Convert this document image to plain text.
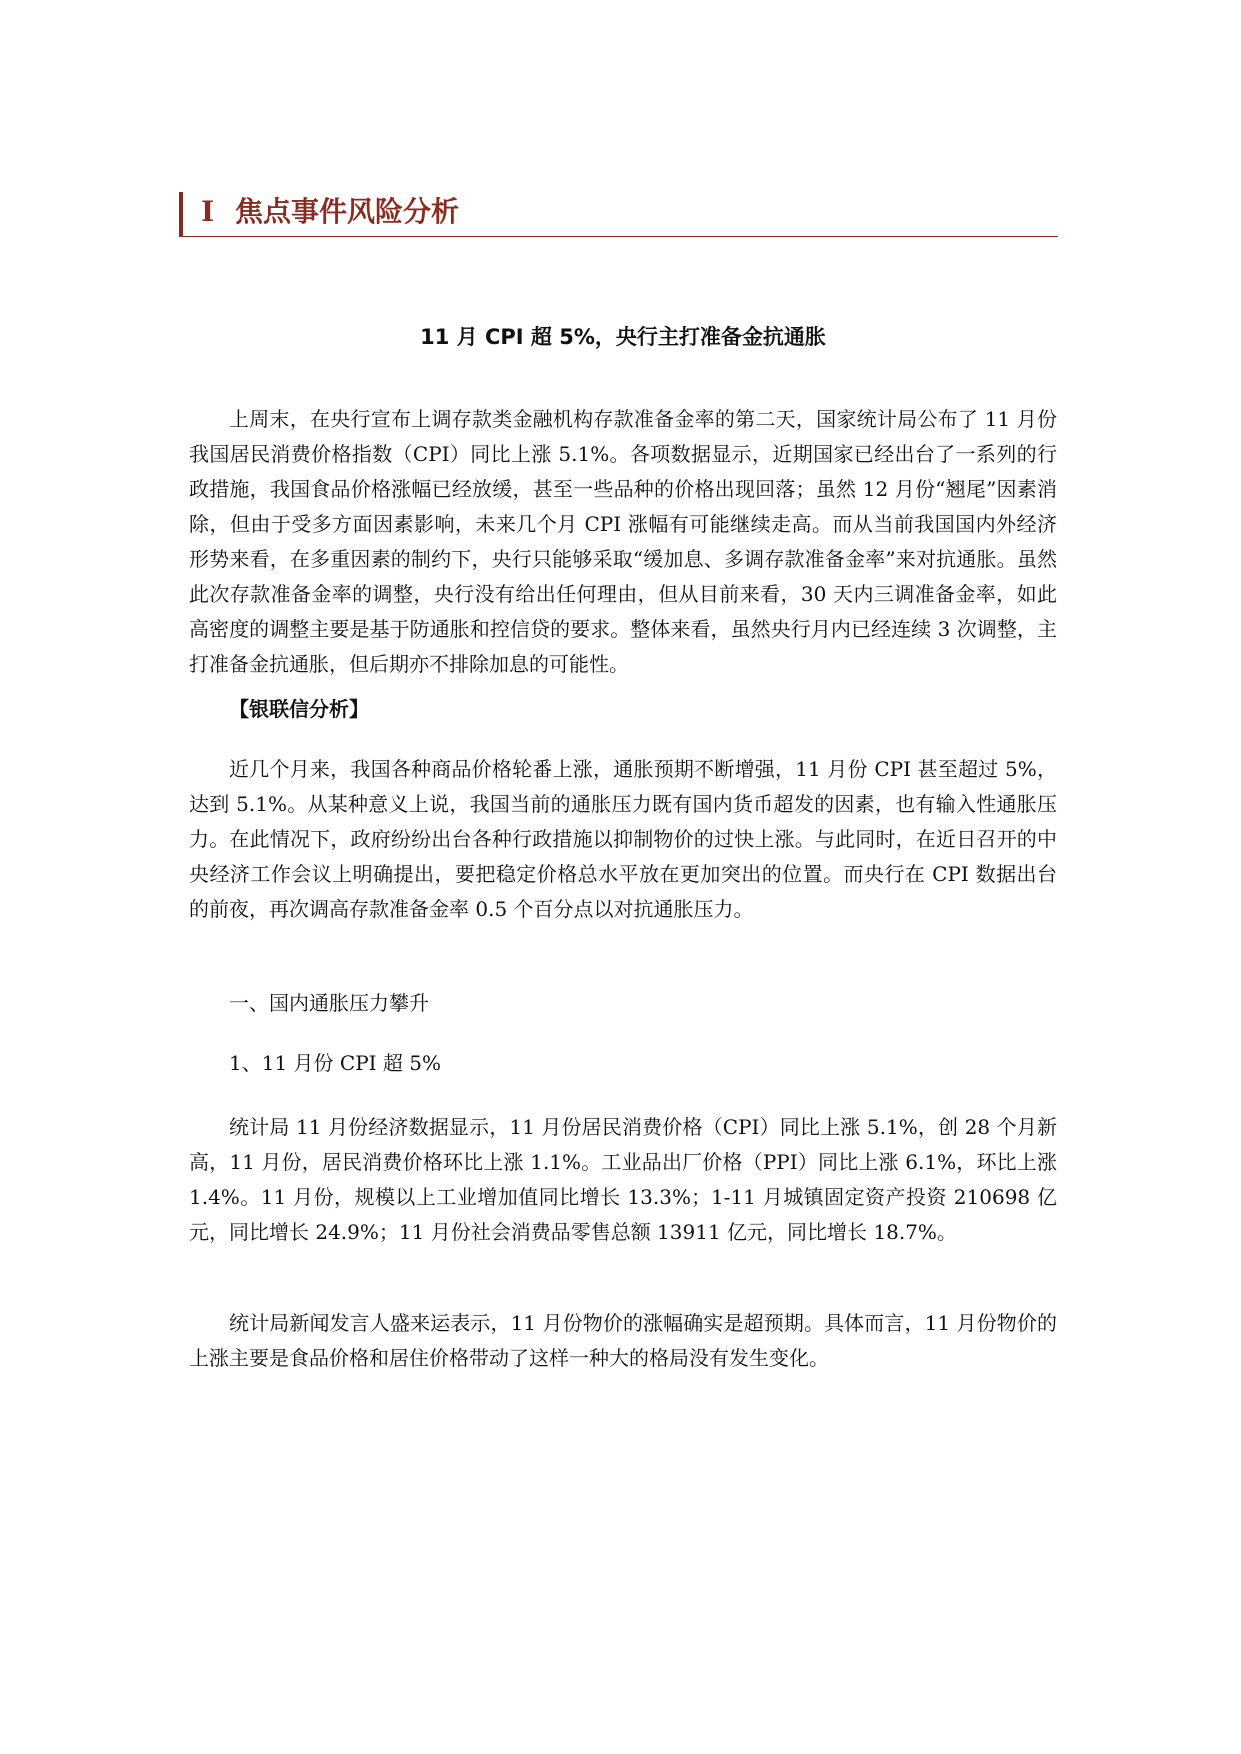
I 焦点事件风险分析
11 月 CPI 超 5%，央行主打准备金抗通胀

上周末，在央行宣布上调存款类金融机构存款准备金率的第二天，国家统计局公布了 11 月份我国居民消费价格指数（CPI）同比上涨 5.1%。各项数据显示，近期国家已经出台了一系列的行政措施，我国食品价格涨幅已经放缓，甚至一些品种的价格出现回落；虽然 12 月份“翘尾”因素消除，但由于受多方面因素影响，未来几个月 CPI 涨幅有可能继续走高。而从当前我国国内外经济形势来看，在多重因素的制约下，央行只能够采取“缓加息、多调存款准备金率”来对抗通胀。虽然此次存款准备金率的调整，央行没有给出任何理由，但从目前来看，30 天内三调准备金率，如此高密度的调整主要是基于防通胀和控信贷的要求。整体来看，虽然央行月内已经连续 3 次调整，主打准备金抗通胀，但后期亦不排除加息的可能性。

【银联信分析】

近几个月来，我国各种商品价格轮番上涨，通胀预期不断增强，11 月份 CPI 甚至超过 5%，达到 5.1%。从某种意义上说，我国当前的通胀压力既有国内货币超发的因素，也有输入性通胀压力。在此情况下，政府纷纷出台各种行政措施以抑制物价的过快上涨。与此同时，在近日召开的中央经济工作会议上明确提出，要把稳定价格总水平放在更加突出的位置。而央行在 CPI 数据出台的前夜，再次调高存款准备金率 0.5 个百分点以对抗通胀压力。

一、国内通胀压力攀升

1、11 月份 CPI 超 5%

统计局 11 月份经济数据显示，11 月份居民消费价格（CPI）同比上涨 5.1%，创 28 个月新高，11 月份，居民消费价格环比上涨 1.1%。工业品出厂价格（PPI）同比上涨 6.1%，环比上涨 1.4%。11 月份，规模以上工业增加值同比增长 13.3%；1-11 月城镇固定资产投资 210698 亿元，同比增长 24.9%；11 月份社会消费品零售总额 13911 亿元，同比增长 18.7%。

统计局新闻发言人盛来运表示，11 月份物价的涨幅确实是超预期。具体而言，11 月份物价的上涨主要是食品价格和居住价格带动了这样一种大的格局没有发生变化。
